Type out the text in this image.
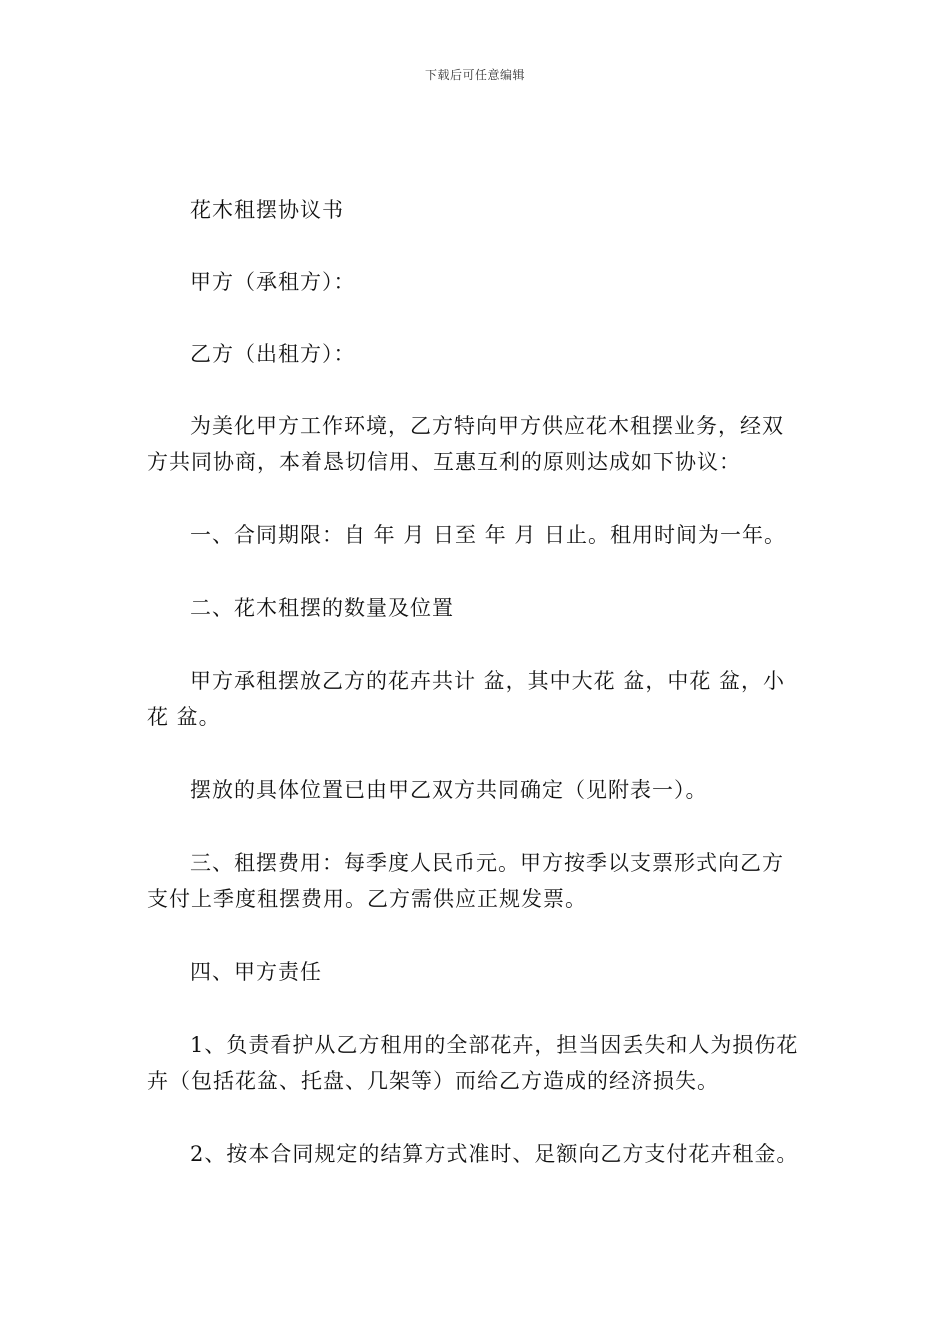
下载后可任意编辑
花木租摆协议书
甲方（承租方）：
乙方（出租方）：
为美化甲方工作环境，乙方特向甲方供应花木租摆业务，经双
方共同协商，本着恳切信用、互惠互利的原则达成如下协议：
一、合同期限：自 年 月 日至 年 月 日止。租用时间为一年。
二、花木租摆的数量及位置
甲方承租摆放乙方的花卉共计 盆，其中大花 盆，中花 盆，小
花 盆。
摆放的具体位置已由甲乙双方共同确定（见附表一）。
三、租摆费用：每季度人民币元。甲方按季以支票形式向乙方
支付上季度租摆费用。乙方需供应正规发票。
四、甲方责任
1、负责看护从乙方租用的全部花卉，担当因丢失和人为损伤花
卉（包括花盆、托盘、几架等）而给乙方造成的经济损失。
2、按本合同规定的结算方式准时、足额向乙方支付花卉租金。
